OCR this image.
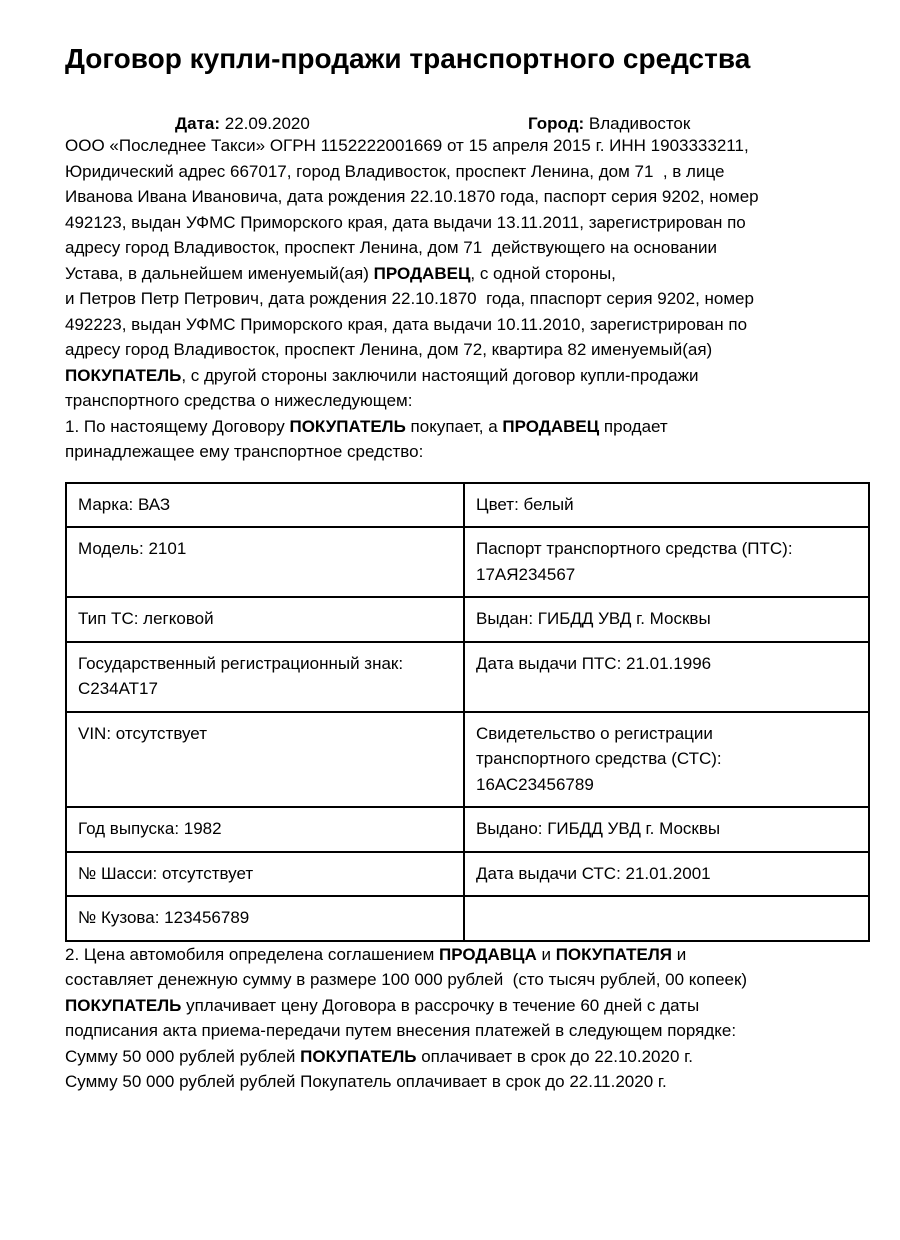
Договор купли-продажи транспортного средства
Дата: 22.09.2020	Город: Владивосток

ООО «Последнее Такси» ОГРН 1152222001669 от 15 апреля 2015 г. ИНН 1903333211,
Юридический адрес 667017, город Владивосток, проспект Ленина, дом 71  , в лице
Иванова Ивана Ивановича, дата рождения 22.10.1870 года, паспорт серия 9202, номер
492123, выдан УФМС Приморского края, дата выдачи 13.11.2011, зарегистрирован по
адресу город Владивосток, проспект Ленина, дом 71  действующего на основании
Устава, в дальнейшем именуемый(ая) ПРОДАВЕЦ, с одной стороны,
и Петров Петр Петрович, дата рождения 22.10.1870  года, ппаспорт серия 9202, номер
492223, выдан УФМС Приморского края, дата выдачи 10.11.2010, зарегистрирован по
адресу город Владивосток, проспект Ленина, дом 72, квартира 82 именуемый(ая)
ПОКУПАТЕЛЬ, с другой стороны заключили настоящий договор купли-продажи
транспортного средства о нижеследующем:

1. По настоящему Договору ПОКУПАТЕЛЬ покупает, а ПРОДАВЕЦ продает
принадлежащее ему транспортное средство:

Марка: ВАЗ	Цвет: белый
Модель: 2101	Паспорт транспортного средства (ПТС):
17АЯ234567
Тип ТС: легковой	Выдан: ГИБДД УВД г. Москвы
Государственный регистрационный знак:
С234АТ17	Дата выдачи ПТС: 21.01.1996
VIN: отсутствует	Свидетельство о регистрации
транспортного средства (СТС):
16АС23456789
Год выпуска: 1982	Выдано: ГИБДД УВД г. Москвы
№ Шасси: отсутствует	Дата выдачи СТС: 21.01.2001
№ Кузова: 123456789	

2. Цена автомобиля определена соглашением ПРОДАВЦА и ПОКУПАТЕЛЯ и
составляет денежную сумму в размере 100 000 рублей  (сто тысяч рублей, 00 копеек)
ПОКУПАТЕЛЬ уплачивает цену Договора в рассрочку в течение 60 дней с даты
подписания акта приема-передачи путем внесения платежей в следующем порядке:
Сумму 50 000 рублей рублей ПОКУПАТЕЛЬ оплачивает в срок до 22.10.2020 г.
Сумму 50 000 рублей рублей Покупатель оплачивает в срок до 22.11.2020 г.
